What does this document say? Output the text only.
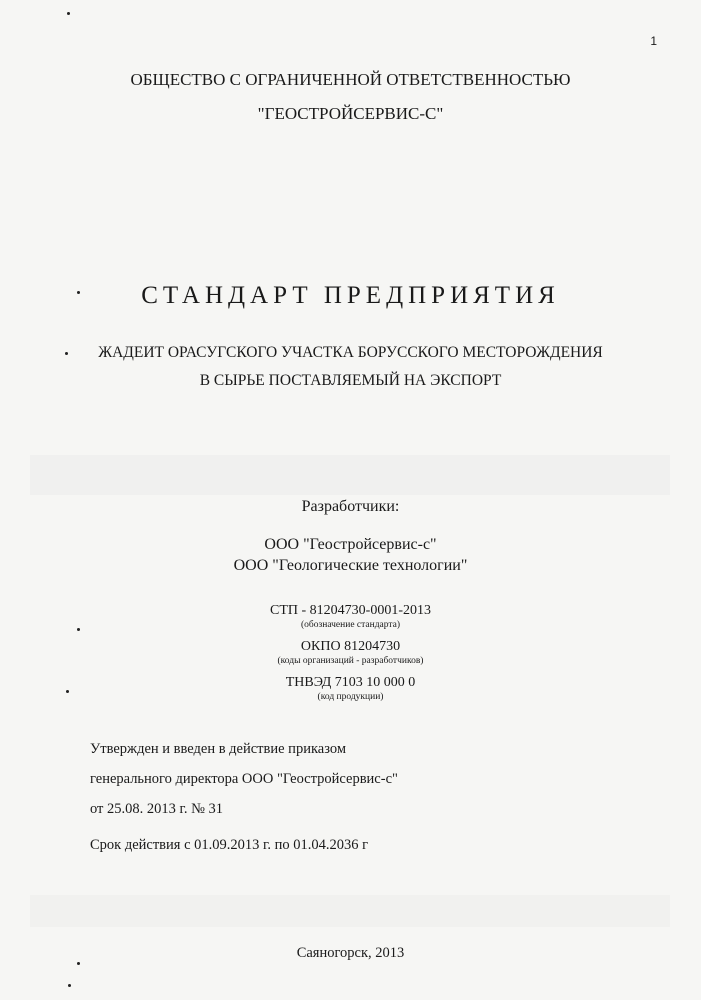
1
ОБЩЕСТВО С ОГРАНИЧЕННОЙ ОТВЕТСТВЕННОСТЬЮ
"ГЕОСТРОЙСЕРВИС-С"
СТАНДАРТ ПРЕДПРИЯТИЯ
ЖАДЕИТ ОРАСУГСКОГО УЧАСТКА БОРУССКОГО МЕСТОРОЖДЕНИЯ
В СЫРЬЕ ПОСТАВЛЯЕМЫЙ НА ЭКСПОРТ
Разработчики:
ООО "Геостройсервис-с"
ООО "Геологические технологии"
СТП - 81204730-0001-2013
(обозначение стандарта)
ОКПО 81204730
(коды организаций - разработчиков)
ТНВЭД 7103 10 000 0
(код продукции)
Утвержден и введен в действие приказом
генерального директора ООО "Геостройсервис-с"
от 25.08. 2013 г. № 31
Срок действия с 01.09.2013 г. по 01.04.2036 г
Саяногорск, 2013
